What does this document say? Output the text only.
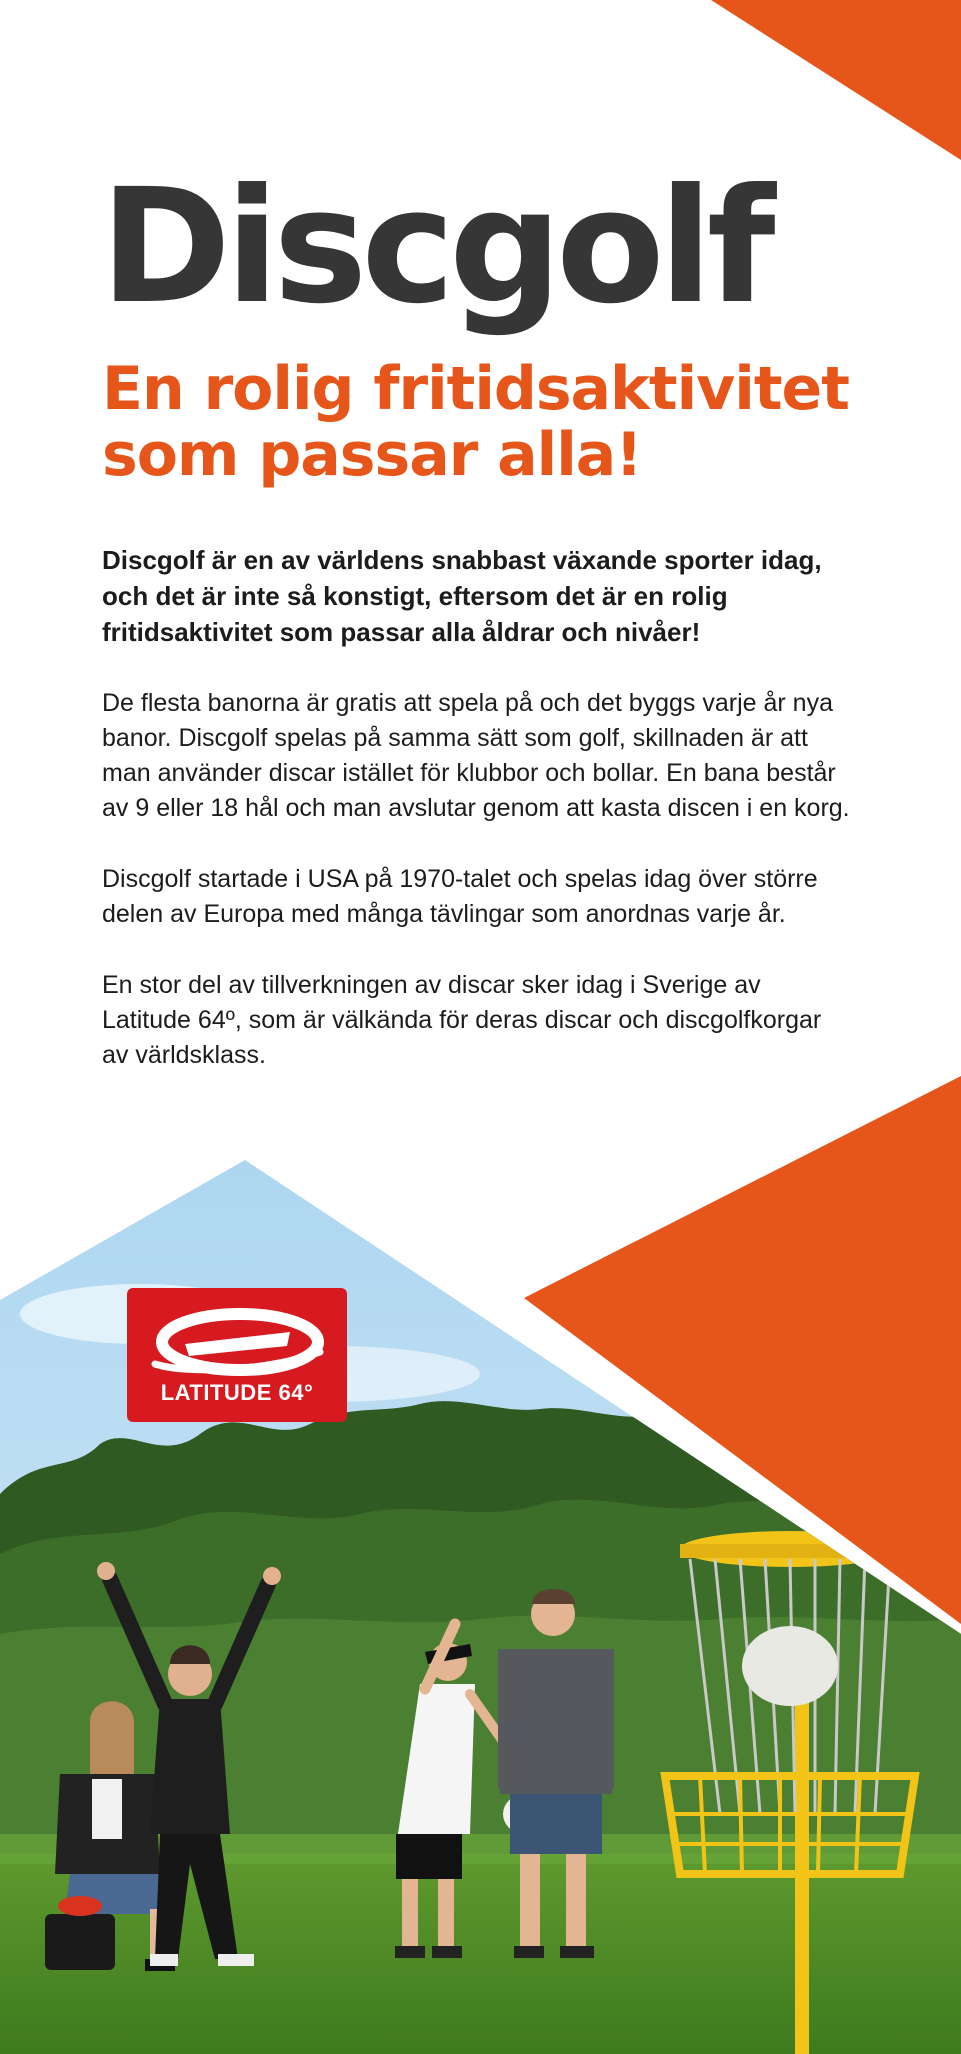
Discgolf
En rolig fritidsaktivitet
som passar alla!

Discgolf är en av världens snabbast växande sporter idag,
och det är inte så konstigt, eftersom det är en rolig
fritidsaktivitet som passar alla åldrar och nivåer!

De flesta banorna är gratis att spela på och det byggs varje år nya
banor. Discgolf spelas på samma sätt som golf, skillnaden är att
man använder discar istället för klubbor och bollar. En bana består
av 9 eller 18 hål och man avslutar genom att kasta discen i en korg.

Discgolf startade i USA på 1970-talet och spelas idag över större
delen av Europa med många tävlingar som anordnas varje år.

En stor del av tillverkningen av discar sker idag i Sverige av
Latitude 64º, som är välkända för deras discar och discgolfkorgar
av världsklass.

LATITUDE 64°
